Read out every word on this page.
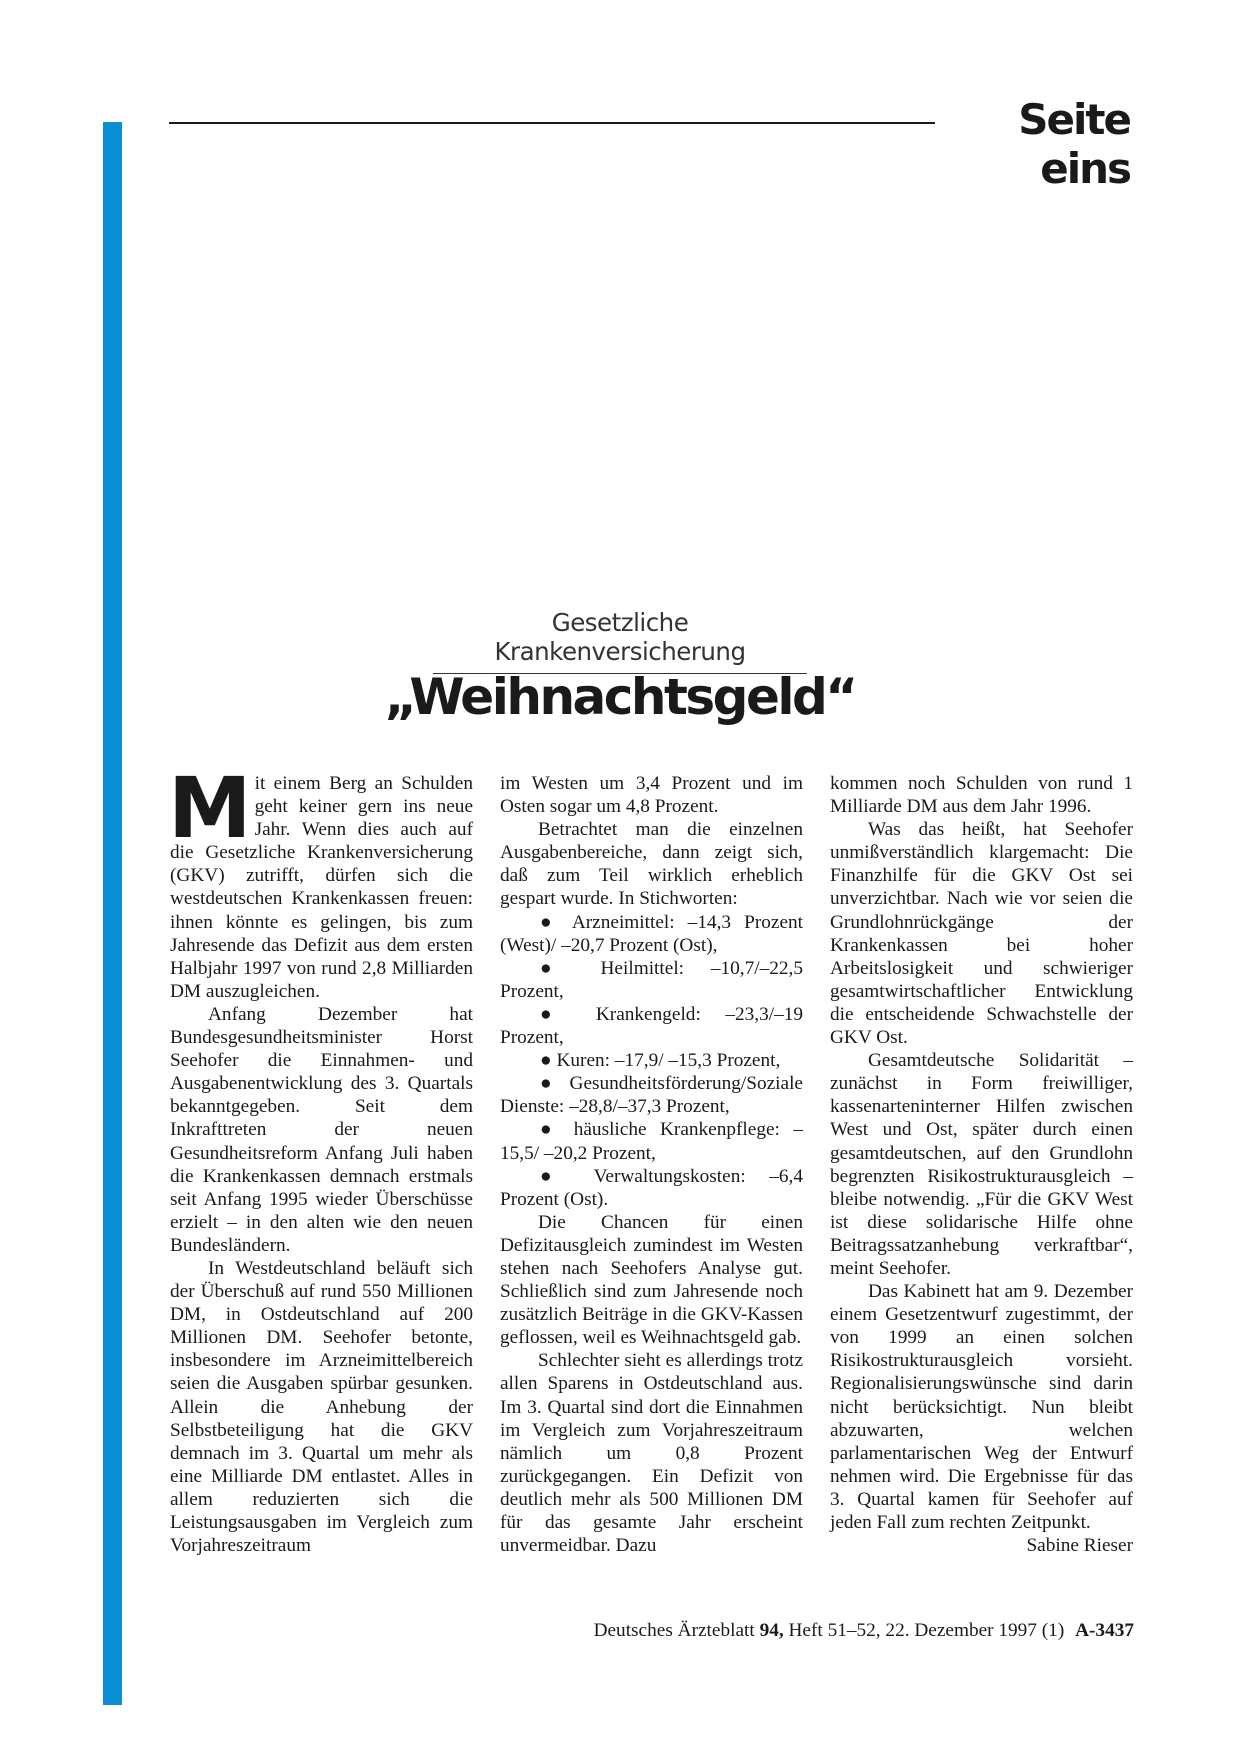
Seite eins
Gesetzliche Krankenversicherung
„Weihnachtsgeld“
M it einem Berg an Schulden geht keiner gern ins neue Jahr. Wenn dies auch auf die Gesetzliche Krankenversicherung (GKV) zutrifft, dürfen sich die westdeutschen Krankenkassen freuen: ihnen könnte es gelingen, bis zum Jahresende das Defizit aus dem ersten Halbjahr 1997 von rund 2,8 Milliarden DM auszugleichen.

Anfang Dezember hat Bundesgesundheitsminister Horst Seehofer die Einnahmen- und Ausgabenentwicklung des 3. Quartals bekanntgegeben. Seit dem Inkrafttreten der neuen Gesundheitsreform Anfang Juli haben die Krankenkassen demnach erstmals seit Anfang 1995 wieder Überschüsse erzielt – in den alten wie den neuen Bundesländern.

In Westdeutschland beläuft sich der Überschuß auf rund 550 Millionen DM, in Ostdeutschland auf 200 Millionen DM. Seehofer betonte, insbesondere im Arzneimittelbereich seien die Ausgaben spürbar gesunken. Allein die Anhebung der Selbstbeteiligung hat die GKV demnach im 3. Quartal um mehr als eine Milliarde DM entlastet. Alles in allem reduzierten sich die Leistungsausgaben im Vergleich zum Vorjahreszeitraum

im Westen um 3,4 Prozent und im Osten sogar um 4,8 Prozent.

Betrachtet man die einzelnen Ausgabenbereiche, dann zeigt sich, daß zum Teil wirklich erheblich gespart wurde. In Stichworten:

● Arzneimittel: –14,3 Prozent (West)/ –20,7 Prozent (Ost),

● Heilmittel: –10,7/–22,5 Prozent,

● Krankengeld: –23,3/–19 Prozent,

● Kuren: –17,9/ –15,3 Prozent,

● Gesundheitsförderung/Soziale Dienste: –28,8/–37,3 Prozent,

● häusliche Krankenpflege: –15,5/ –20,2 Prozent,

● Verwaltungskosten: –6,4 Prozent (Ost).

Die Chancen für einen Defizitausgleich zumindest im Westen stehen nach Seehofers Analyse gut. Schließlich sind zum Jahresende noch zusätzlich Beiträge in die GKV-Kassen geflossen, weil es Weihnachtsgeld gab.

Schlechter sieht es allerdings trotz allen Sparens in Ostdeutschland aus. Im 3. Quartal sind dort die Einnahmen im Vergleich zum Vorjahreszeitraum nämlich um 0,8 Prozent zurückgegangen. Ein Defizit von deutlich mehr als 500 Millionen DM für das gesamte Jahr erscheint unvermeidbar. Dazu

kommen noch Schulden von rund 1 Milliarde DM aus dem Jahr 1996.

Was das heißt, hat Seehofer unmißverständlich klargemacht: Die Finanzhilfe für die GKV Ost sei unverzichtbar. Nach wie vor seien die Grundlohnrückgänge der Krankenkassen bei hoher Arbeitslosigkeit und schwieriger gesamtwirtschaftlicher Entwicklung die entscheidende Schwachstelle der GKV Ost.

Gesamtdeutsche Solidarität – zunächst in Form freiwilliger, kassenarteninterner Hilfen zwischen West und Ost, später durch einen gesamtdeutschen, auf den Grundlohn begrenzten Risikostrukturausgleich – bleibe notwendig. „Für die GKV West ist diese solidarische Hilfe ohne Beitragssatzanhebung verkraftbar“, meint Seehofer.

Das Kabinett hat am 9. Dezember einem Gesetzentwurf zugestimmt, der von 1999 an einen solchen Risikostrukturausgleich vorsieht. Regionalisierungswünsche sind darin nicht berücksichtigt. Nun bleibt abzuwarten, welchen parlamentarischen Weg der Entwurf nehmen wird. Die Ergebnisse für das 3. Quartal kamen für Seehofer auf jeden Fall zum rechten Zeitpunkt.
Sabine Rieser

Deutsches Ärzteblatt 94, Heft 51–52, 22. Dezember 1997 (1) A-3437
